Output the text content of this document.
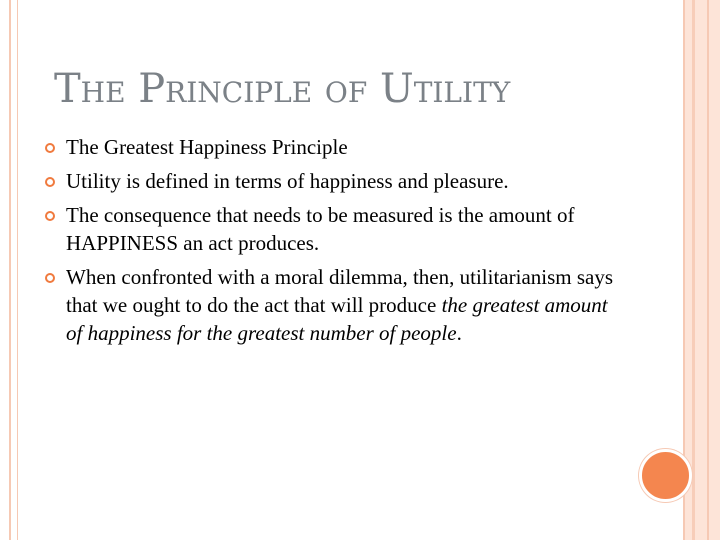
The Principle of Utility
The Greatest Happiness Principle
Utility is defined in terms of happiness and pleasure.
The consequence that needs to be measured is the amount of HAPPINESS an act produces.
When confronted with a moral dilemma, then, utilitarianism says that we ought to do the act that will produce the greatest amount of happiness for the greatest number of people.
